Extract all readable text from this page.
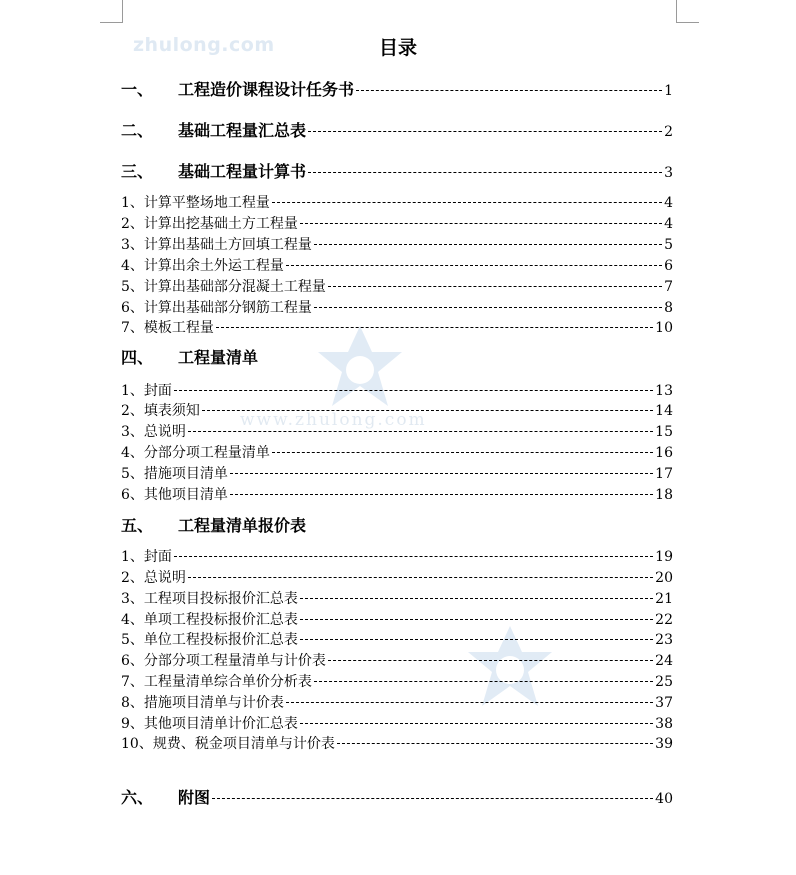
zhulong.com
www.zhulong.com
目录
一、	工程造价课程设计任务书	1
二、	基础工程量汇总表	2
三、	基础工程量计算书	3
1、 计算平整场地工程量	4
2、 计算出挖基础土方工程量	4
3、 计算出基础土方回填工程量	5
4、 计算出余土外运工程量	6
5、 计算出基础部分混凝土工程量	7
6、 计算出基础部分钢筋工程量	8
7、 模板工程量	10
四、 工程量清单
1、 封面	13
2、 填表须知	14
3、 总说明	15
4、 分部分项工程量清单	16
5、 措施项目清单	17
6、 其他项目清单	18
五、 工程量清单报价表
1、 封面	19
2、 总说明	20
3、 工程项目投标报价汇总表	21
4、 单项工程投标报价汇总表	22
5、 单位工程投标报价汇总表	23
6、 分部分项工程量清单与计价表	24
7、 工程量清单综合单价分析表	25
8、 措施项目清单与计价表	37
9、 其他项目清单计价汇总表	38
10、 规费、税金项目清单与计价表	39
六、	附图	40
